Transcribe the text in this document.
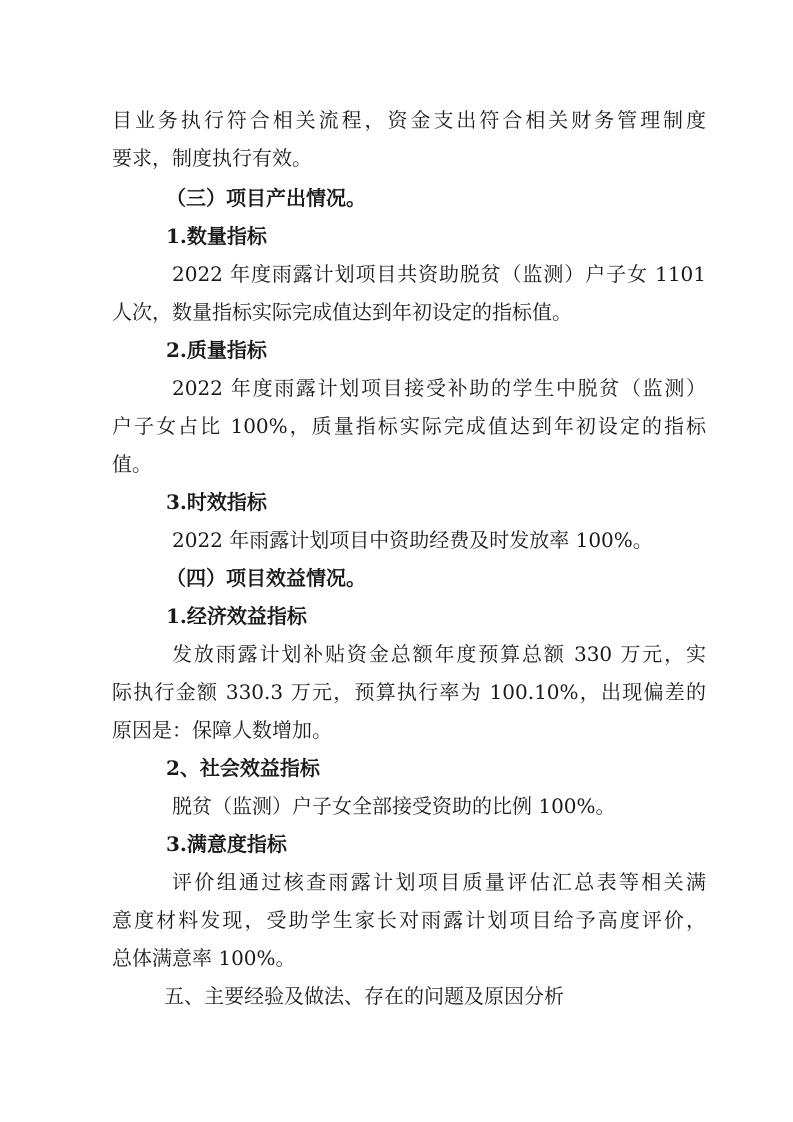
目业务执行符合相关流程，资金支出符合相关财务管理制度
要求，制度执行有效。
（三）项目产出情况。
1.数量指标
2022 年度雨露计划项目共资助脱贫（监测）户子女 1101
人次，数量指标实际完成值达到年初设定的指标值。
2.质量指标
2022 年度雨露计划项目接受补助的学生中脱贫（监测）
户子女占比 100%，质量指标实际完成值达到年初设定的指标
值。
3.时效指标
2022 年雨露计划项目中资助经费及时发放率 100%。
（四）项目效益情况。
1.经济效益指标
发放雨露计划补贴资金总额年度预算总额 330 万元，实
际执行金额 330.3 万元，预算执行率为 100.10%，出现偏差的
原因是：保障人数增加。
2、社会效益指标
脱贫（监测）户子女全部接受资助的比例 100%。
3.满意度指标
评价组通过核查雨露计划项目质量评估汇总表等相关满
意度材料发现，受助学生家长对雨露计划项目给予高度评价，
总体满意率 100%。
五、主要经验及做法、存在的问题及原因分析
